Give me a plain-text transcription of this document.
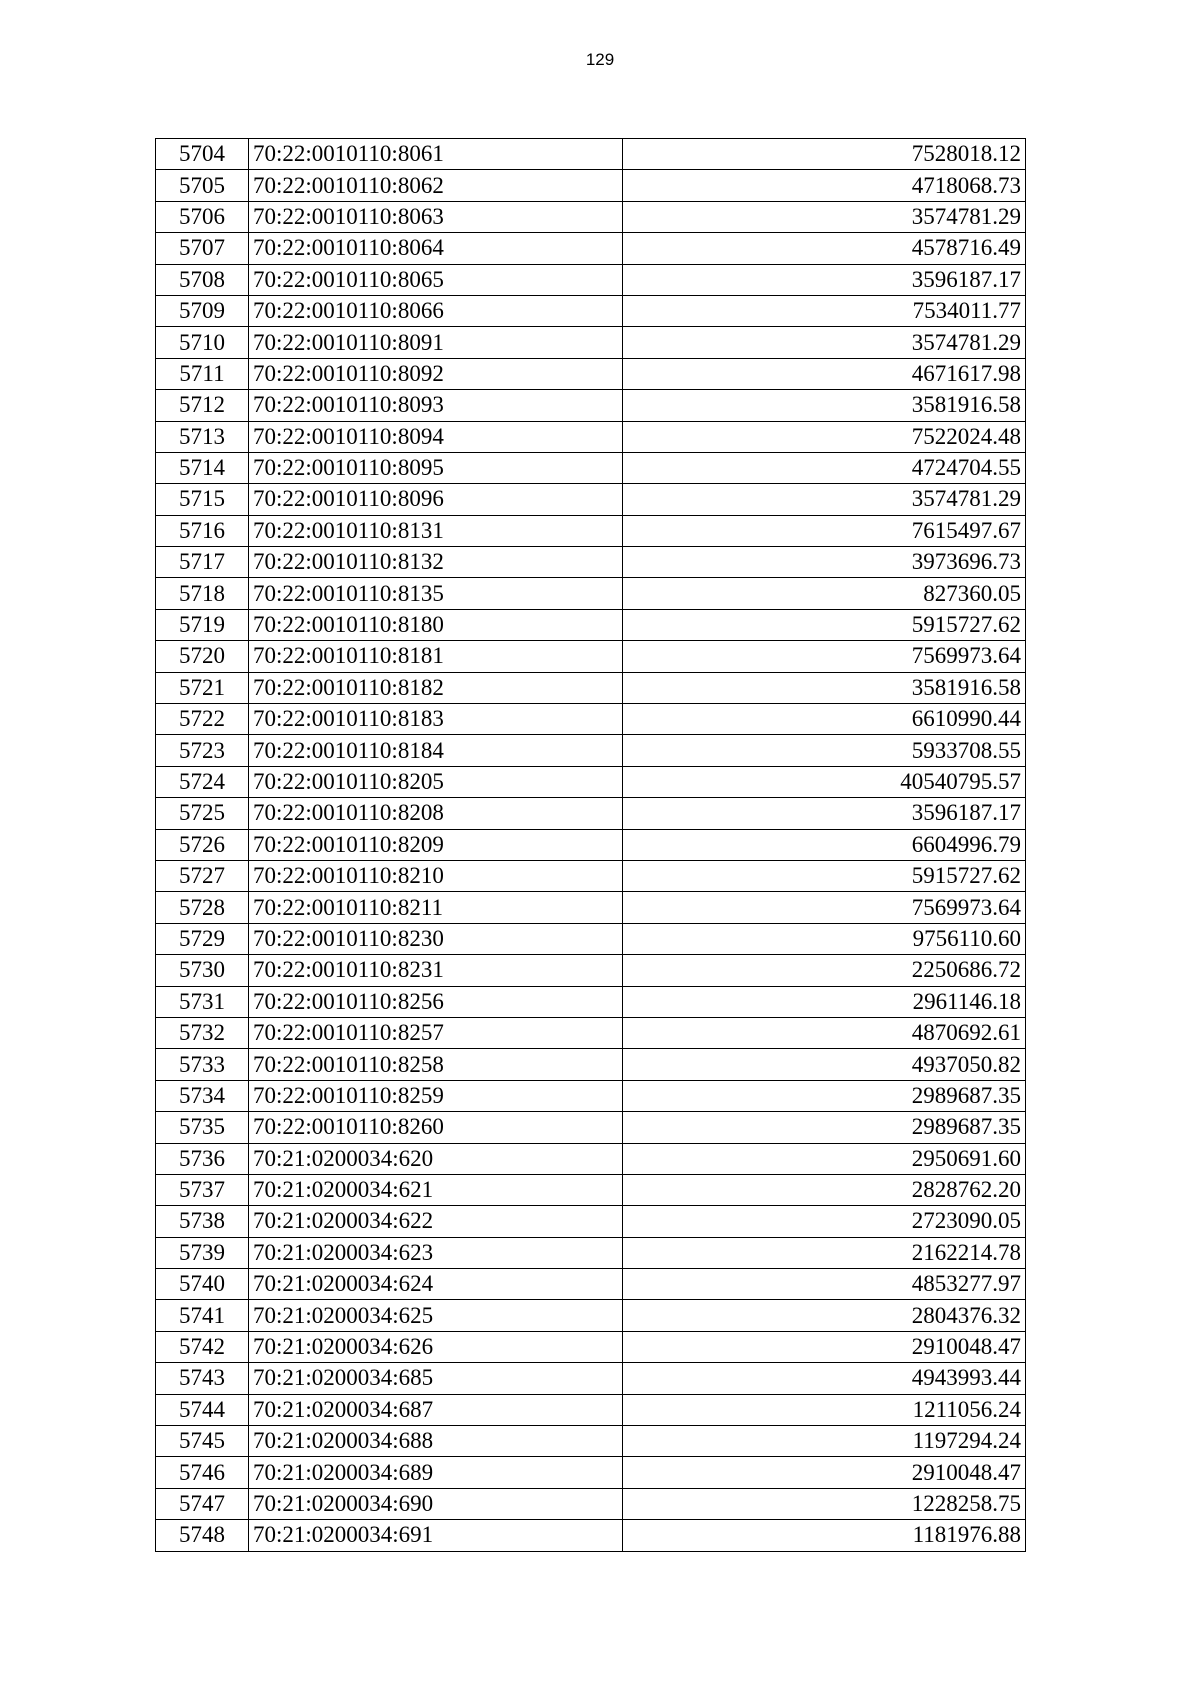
129
5704	70:22:0010110:8061	7528018.12
5705	70:22:0010110:8062	4718068.73
5706	70:22:0010110:8063	3574781.29
5707	70:22:0010110:8064	4578716.49
5708	70:22:0010110:8065	3596187.17
5709	70:22:0010110:8066	7534011.77
5710	70:22:0010110:8091	3574781.29
5711	70:22:0010110:8092	4671617.98
5712	70:22:0010110:8093	3581916.58
5713	70:22:0010110:8094	7522024.48
5714	70:22:0010110:8095	4724704.55
5715	70:22:0010110:8096	3574781.29
5716	70:22:0010110:8131	7615497.67
5717	70:22:0010110:8132	3973696.73
5718	70:22:0010110:8135	827360.05
5719	70:22:0010110:8180	5915727.62
5720	70:22:0010110:8181	7569973.64
5721	70:22:0010110:8182	3581916.58
5722	70:22:0010110:8183	6610990.44
5723	70:22:0010110:8184	5933708.55
5724	70:22:0010110:8205	40540795.57
5725	70:22:0010110:8208	3596187.17
5726	70:22:0010110:8209	6604996.79
5727	70:22:0010110:8210	5915727.62
5728	70:22:0010110:8211	7569973.64
5729	70:22:0010110:8230	9756110.60
5730	70:22:0010110:8231	2250686.72
5731	70:22:0010110:8256	2961146.18
5732	70:22:0010110:8257	4870692.61
5733	70:22:0010110:8258	4937050.82
5734	70:22:0010110:8259	2989687.35
5735	70:22:0010110:8260	2989687.35
5736	70:21:0200034:620	2950691.60
5737	70:21:0200034:621	2828762.20
5738	70:21:0200034:622	2723090.05
5739	70:21:0200034:623	2162214.78
5740	70:21:0200034:624	4853277.97
5741	70:21:0200034:625	2804376.32
5742	70:21:0200034:626	2910048.47
5743	70:21:0200034:685	4943993.44
5744	70:21:0200034:687	1211056.24
5745	70:21:0200034:688	1197294.24
5746	70:21:0200034:689	2910048.47
5747	70:21:0200034:690	1228258.75
5748	70:21:0200034:691	1181976.88
